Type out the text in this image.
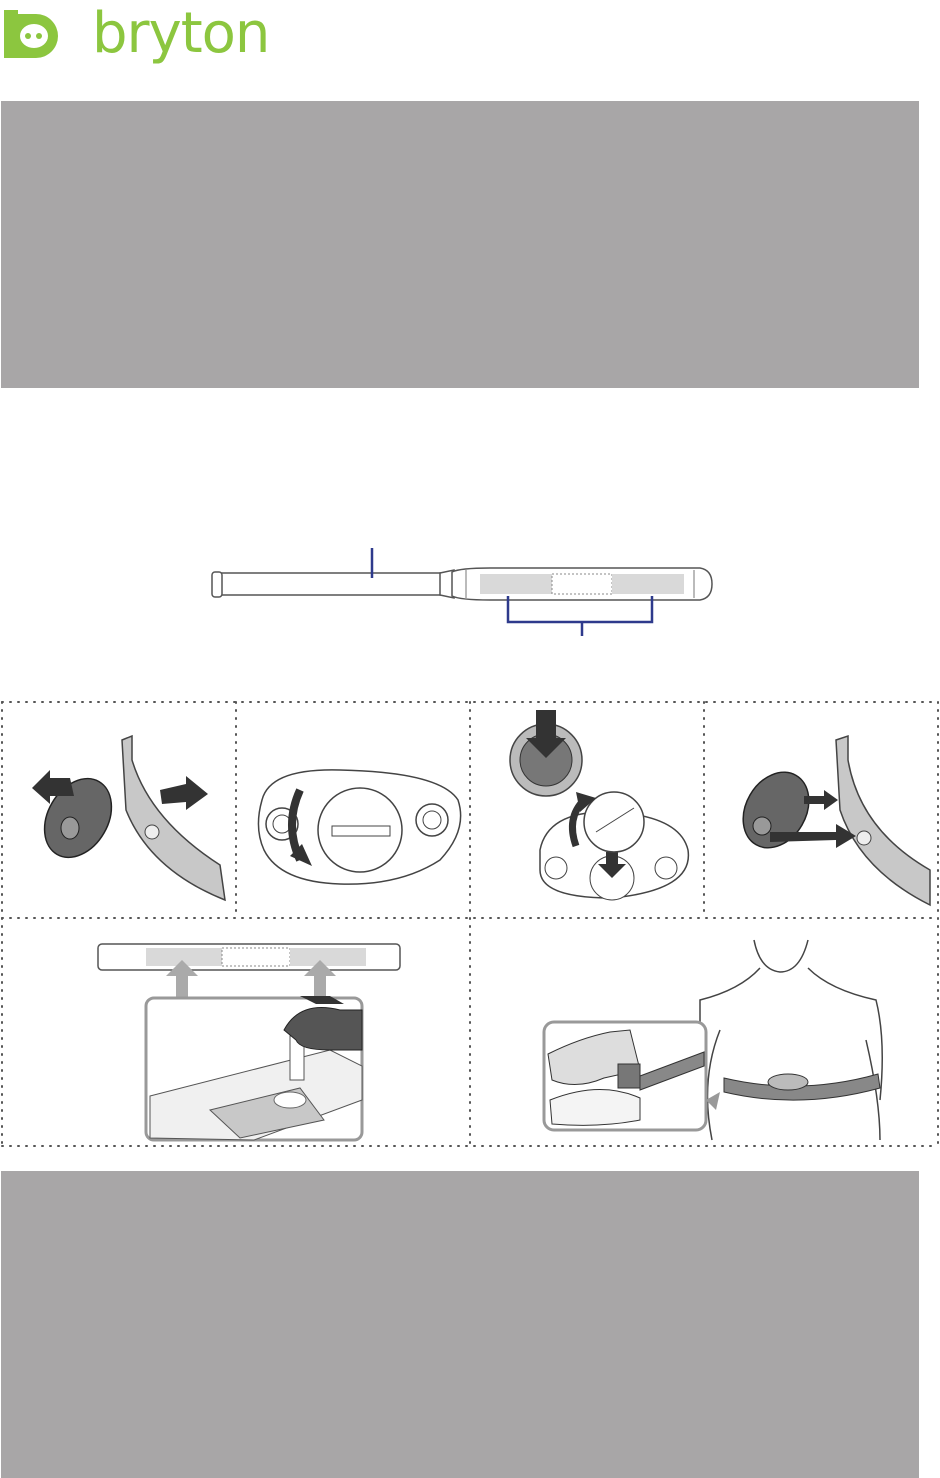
bryton
